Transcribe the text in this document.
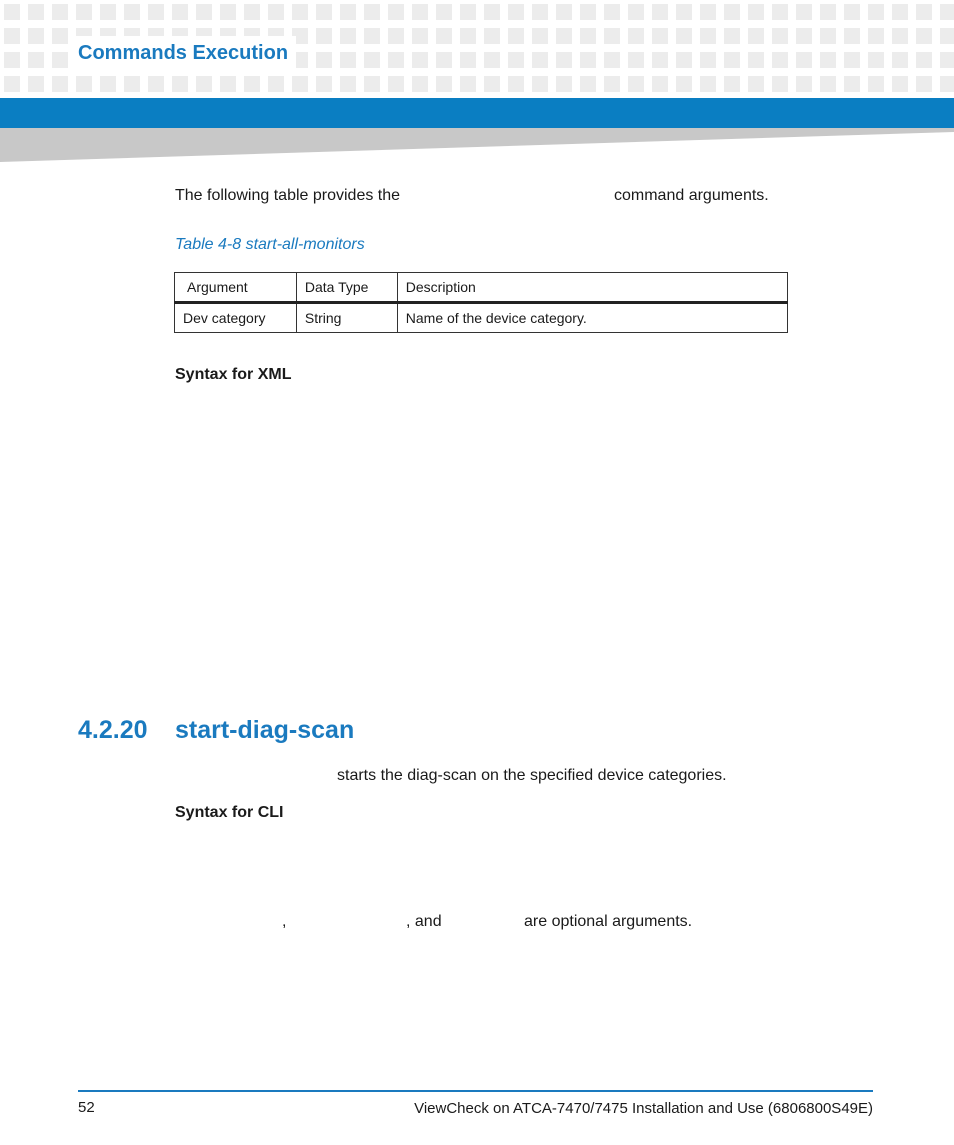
Commands Execution
The following table provides the	command arguments.
Table 4-8 start-all-monitors
Argument	Data Type	Description
Dev category	String	Name of the device category.
Syntax for XML
4.2.20 start-diag-scan
starts the diag-scan on the specified device categories.
Syntax for CLI
,	, and	are optional arguments.
52	ViewCheck on ATCA-7470/7475 Installation and Use (6806800S49E)
